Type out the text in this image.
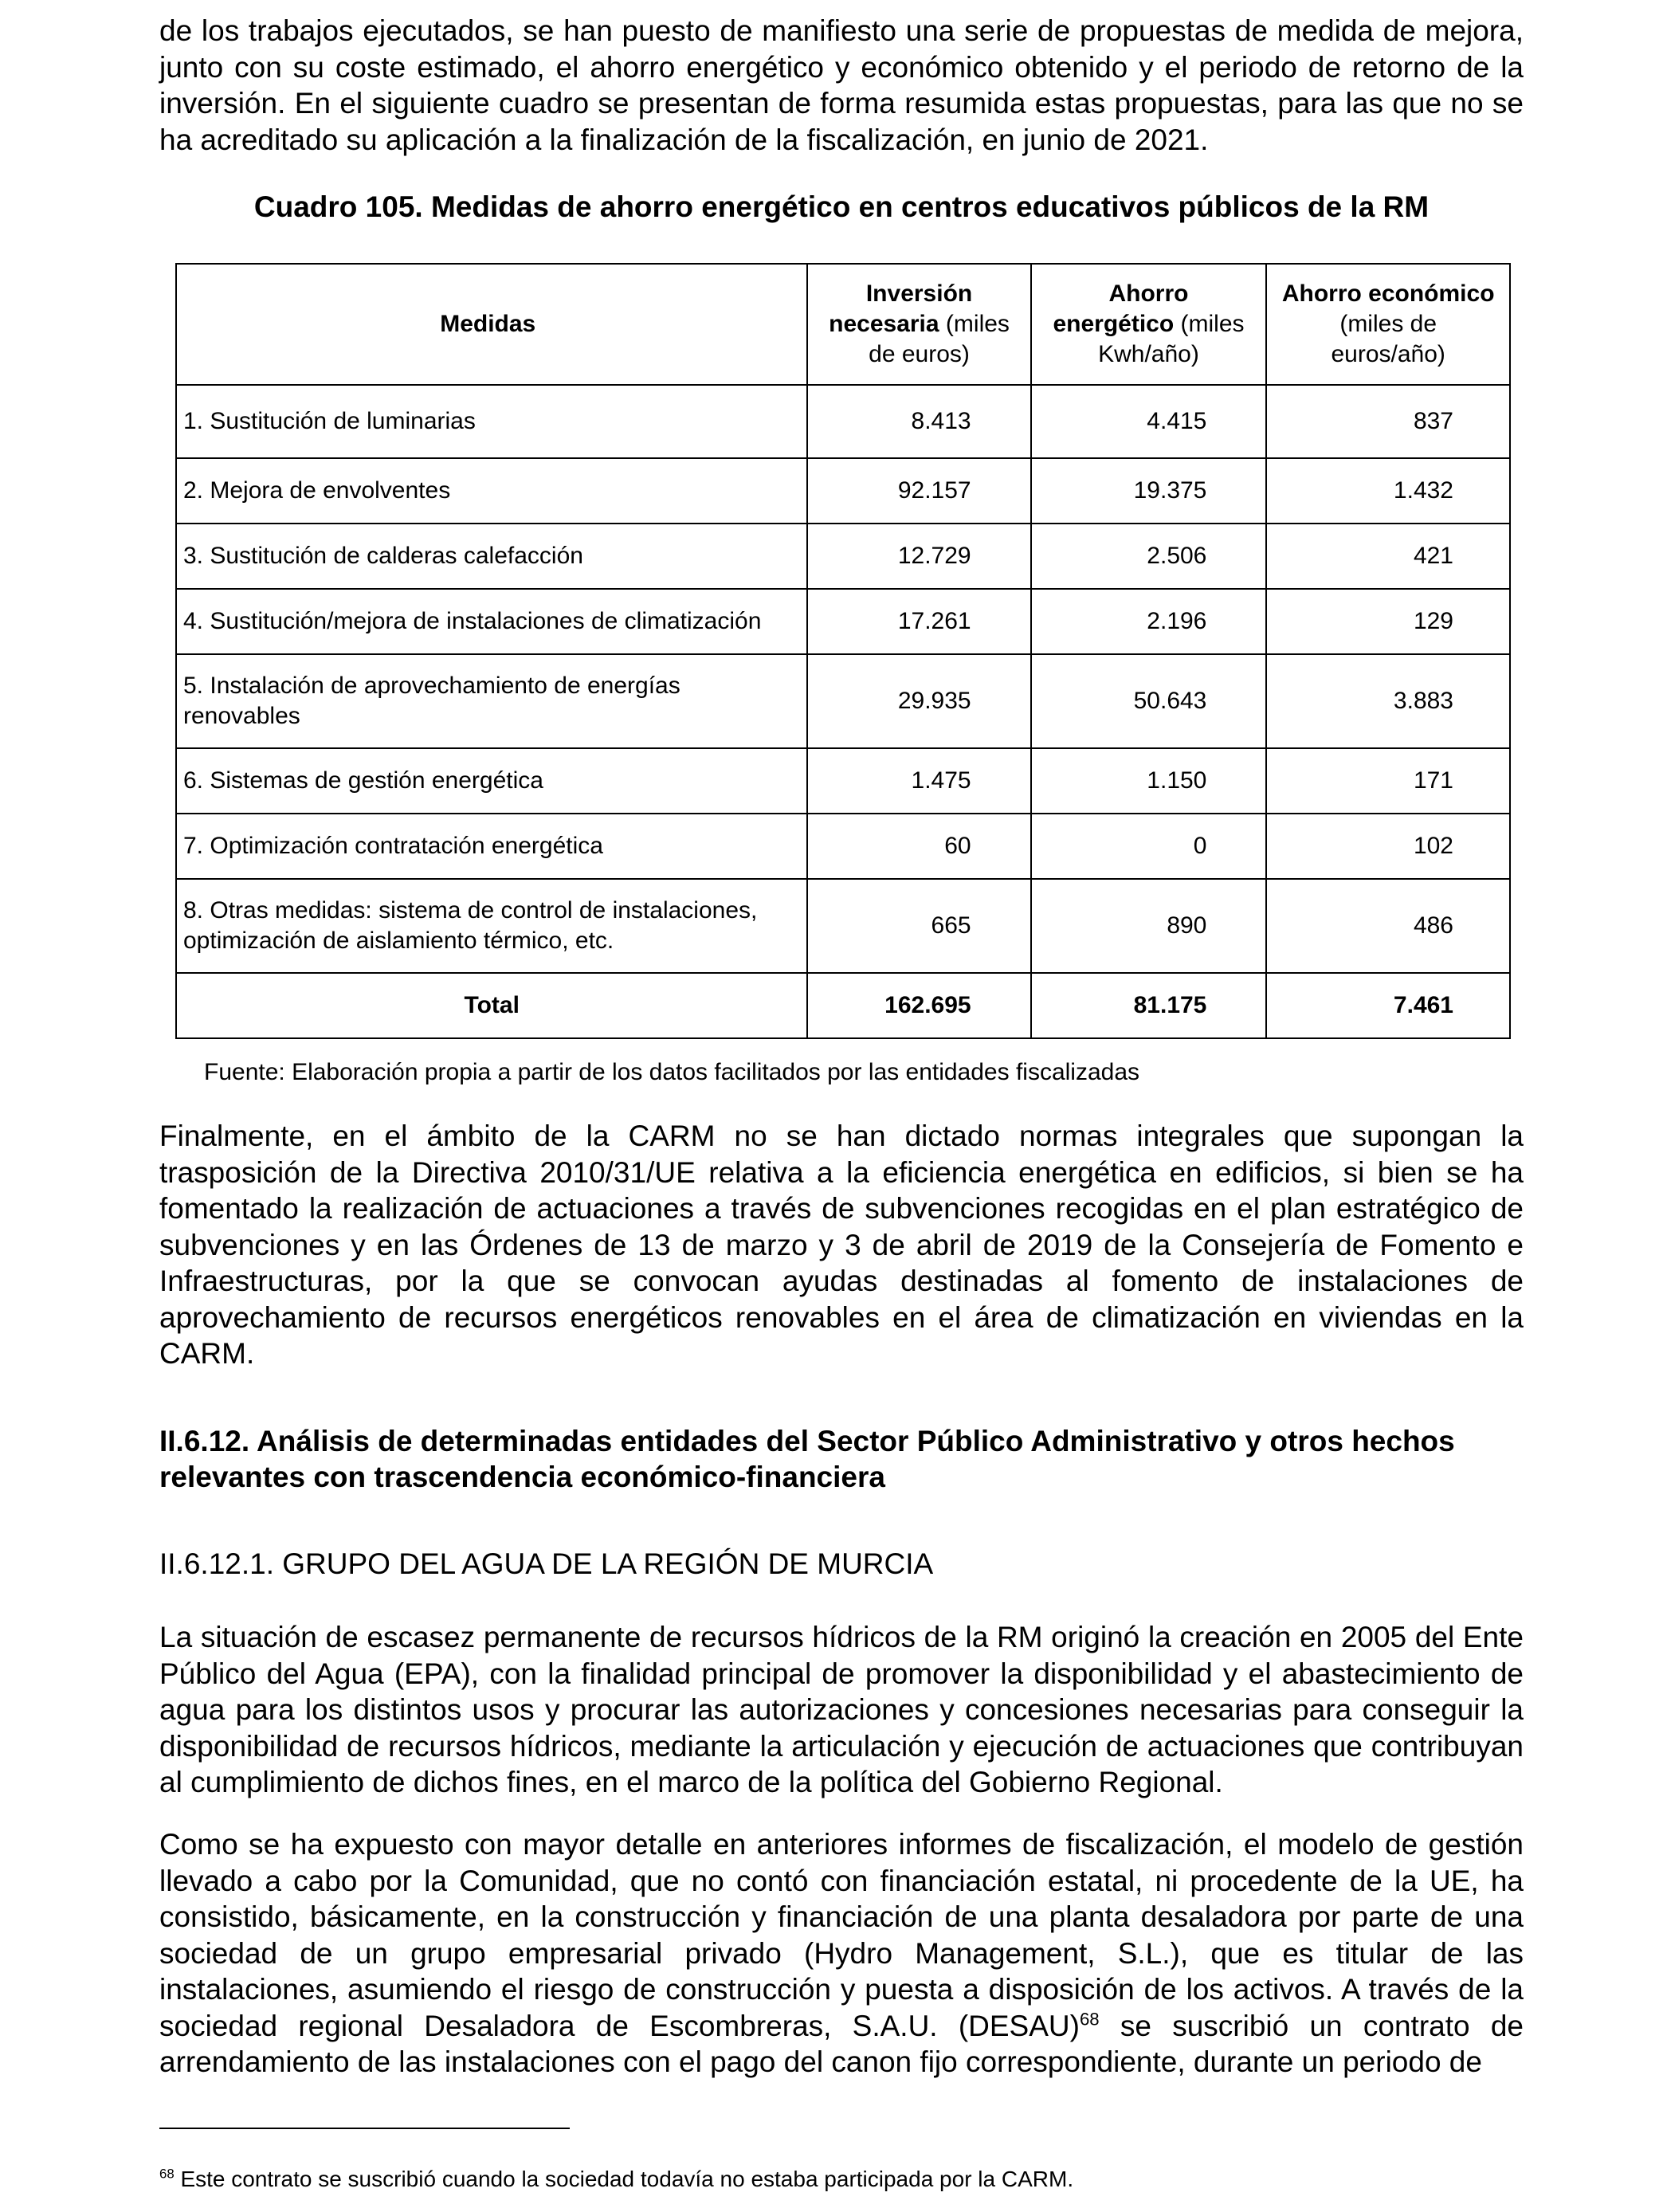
de los trabajos ejecutados, se han puesto de manifiesto una serie de propuestas de medida de mejora, junto con su coste estimado, el ahorro energético y económico obtenido y el periodo de retorno de la inversión. En el siguiente cuadro se presentan de forma resumida estas propuestas, para las que no se ha acreditado su aplicación a la finalización de la fiscalización, en junio de 2021.

Cuadro 105. Medidas de ahorro energético en centros educativos públicos de la RM
Medidas	Inversión necesaria (miles de euros)	Ahorro energético (miles Kwh/año)	Ahorro económico (miles de euros/año)
1. Sustitución de luminarias	8.413	4.415	837
2. Mejora de envolventes	92.157	19.375	1.432
3. Sustitución de calderas calefacción	12.729	2.506	421
4. Sustitución/mejora de instalaciones de climatización	17.261	2.196	129
5. Instalación de aprovechamiento de energías renovables	29.935	50.643	3.883
6. Sistemas de gestión energética	1.475	1.150	171
7. Optimización contratación energética	60	0	102
8. Otras medidas: sistema de control de instalaciones, optimización de aislamiento térmico, etc.	665	890	486
Total	162.695	81.175	7.461
Fuente: Elaboración propia a partir de los datos facilitados por las entidades fiscalizadas

Finalmente, en el ámbito de la CARM no se han dictado normas integrales que supongan la trasposición de la Directiva 2010/31/UE relativa a la eficiencia energética en edificios, si bien se ha fomentado la realización de actuaciones a través de subvenciones recogidas en el plan estratégico de subvenciones y en las Órdenes de 13 de marzo y 3 de abril de 2019 de la Consejería de Fomento e Infraestructuras, por la que se convocan ayudas destinadas al fomento de instalaciones de aprovechamiento de recursos energéticos renovables en el área de climatización en viviendas en la CARM.

II.6.12. Análisis de determinadas entidades del Sector Público Administrativo y otros hechos relevantes con trascendencia económico-financiera
II.6.12.1. GRUPO DEL AGUA DE LA REGIÓN DE MURCIA

La situación de escasez permanente de recursos hídricos de la RM originó la creación en 2005 del Ente Público del Agua (EPA), con la finalidad principal de promover la disponibilidad y el abastecimiento de agua para los distintos usos y procurar las autorizaciones y concesiones necesarias para conseguir la disponibilidad de recursos hídricos, mediante la articulación y ejecución de actuaciones que contribuyan al cumplimiento de dichos fines, en el marco de la política del Gobierno Regional.

Como se ha expuesto con mayor detalle en anteriores informes de fiscalización, el modelo de gestión llevado a cabo por la Comunidad, que no contó con financiación estatal, ni procedente de la UE, ha consistido, básicamente, en la construcción y financiación de una planta desaladora por parte de una sociedad de un grupo empresarial privado (Hydro Management, S.L.), que es titular de las instalaciones, asumiendo el riesgo de construcción y puesta a disposición de los activos. A través de la sociedad regional Desaladora de Escombreras, S.A.U. (DESAU)$^{68}$ se suscribió un contrato de arrendamiento de las instalaciones con el pago del canon fijo correspondiente, durante un periodo de

$^{68}$ Este contrato se suscribió cuando la sociedad todavía no estaba participada por la CARM.
